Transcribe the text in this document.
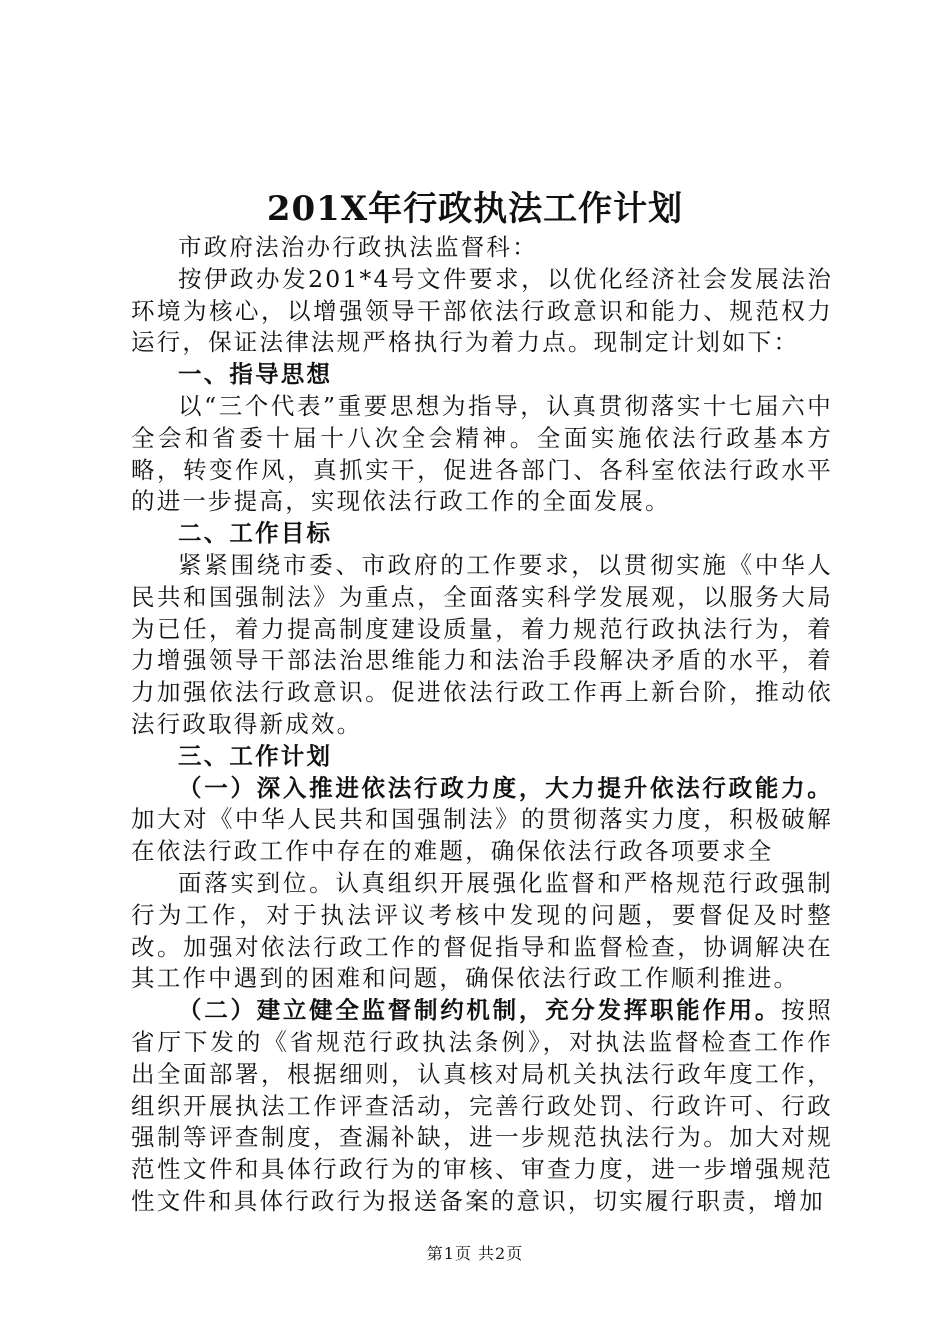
201X年行政执法工作计划

市政府法治办行政执法监督科：

按伊政办发201*4号文件要求，以优化经济社会发展法治环境为核心，以增强领导干部依法行政意识和能力、规范权力运行，保证法律法规严格执行为着力点。现制定计划如下：

一、指导思想

以“三个代表”重要思想为指导，认真贯彻落实十七届六中全会和省委十届十八次全会精神。全面实施依法行政基本方略，转变作风，真抓实干，促进各部门、各科室依法行政水平的进一步提高，实现依法行政工作的全面发展。

二、工作目标

紧紧围绕市委、市政府的工作要求，以贯彻实施《中华人民共和国强制法》为重点，全面落实科学发展观，以服务大局为已任，着力提高制度建设质量，着力规范行政执法行为，着力增强领导干部法治思维能力和法治手段解决矛盾的水平，着力加强依法行政意识。促进依法行政工作再上新台阶，推动依法行政取得新成效。

三、工作计划

（一）深入推进依法行政力度，大力提升依法行政能力。加大对《中华人民共和国强制法》的贯彻落实力度，积极破解在依法行政工作中存在的难题，确保依法行政各项要求全

面落实到位。认真组织开展强化监督和严格规范行政强制行为工作，对于执法评议考核中发现的问题，要督促及时整改。加强对依法行政工作的督促指导和监督检查，协调解决在其工作中遇到的困难和问题，确保依法行政工作顺利推进。

（二）建立健全监督制约机制，充分发挥职能作用。按照省厅下发的《省规范行政执法条例》，对执法监督检查工作作出全面部署，根据细则，认真核对局机关执法行政年度工作，组织开展执法工作评查活动，完善行政处罚、行政许可、行政强制等评查制度，查漏补缺，进一步规范执法行为。加大对规范性文件和具体行政行为的审核、审查力度，进一步增强规范性文件和具体行政行为报送备案的意识，切实履行职责，增加

第1页 共2页
